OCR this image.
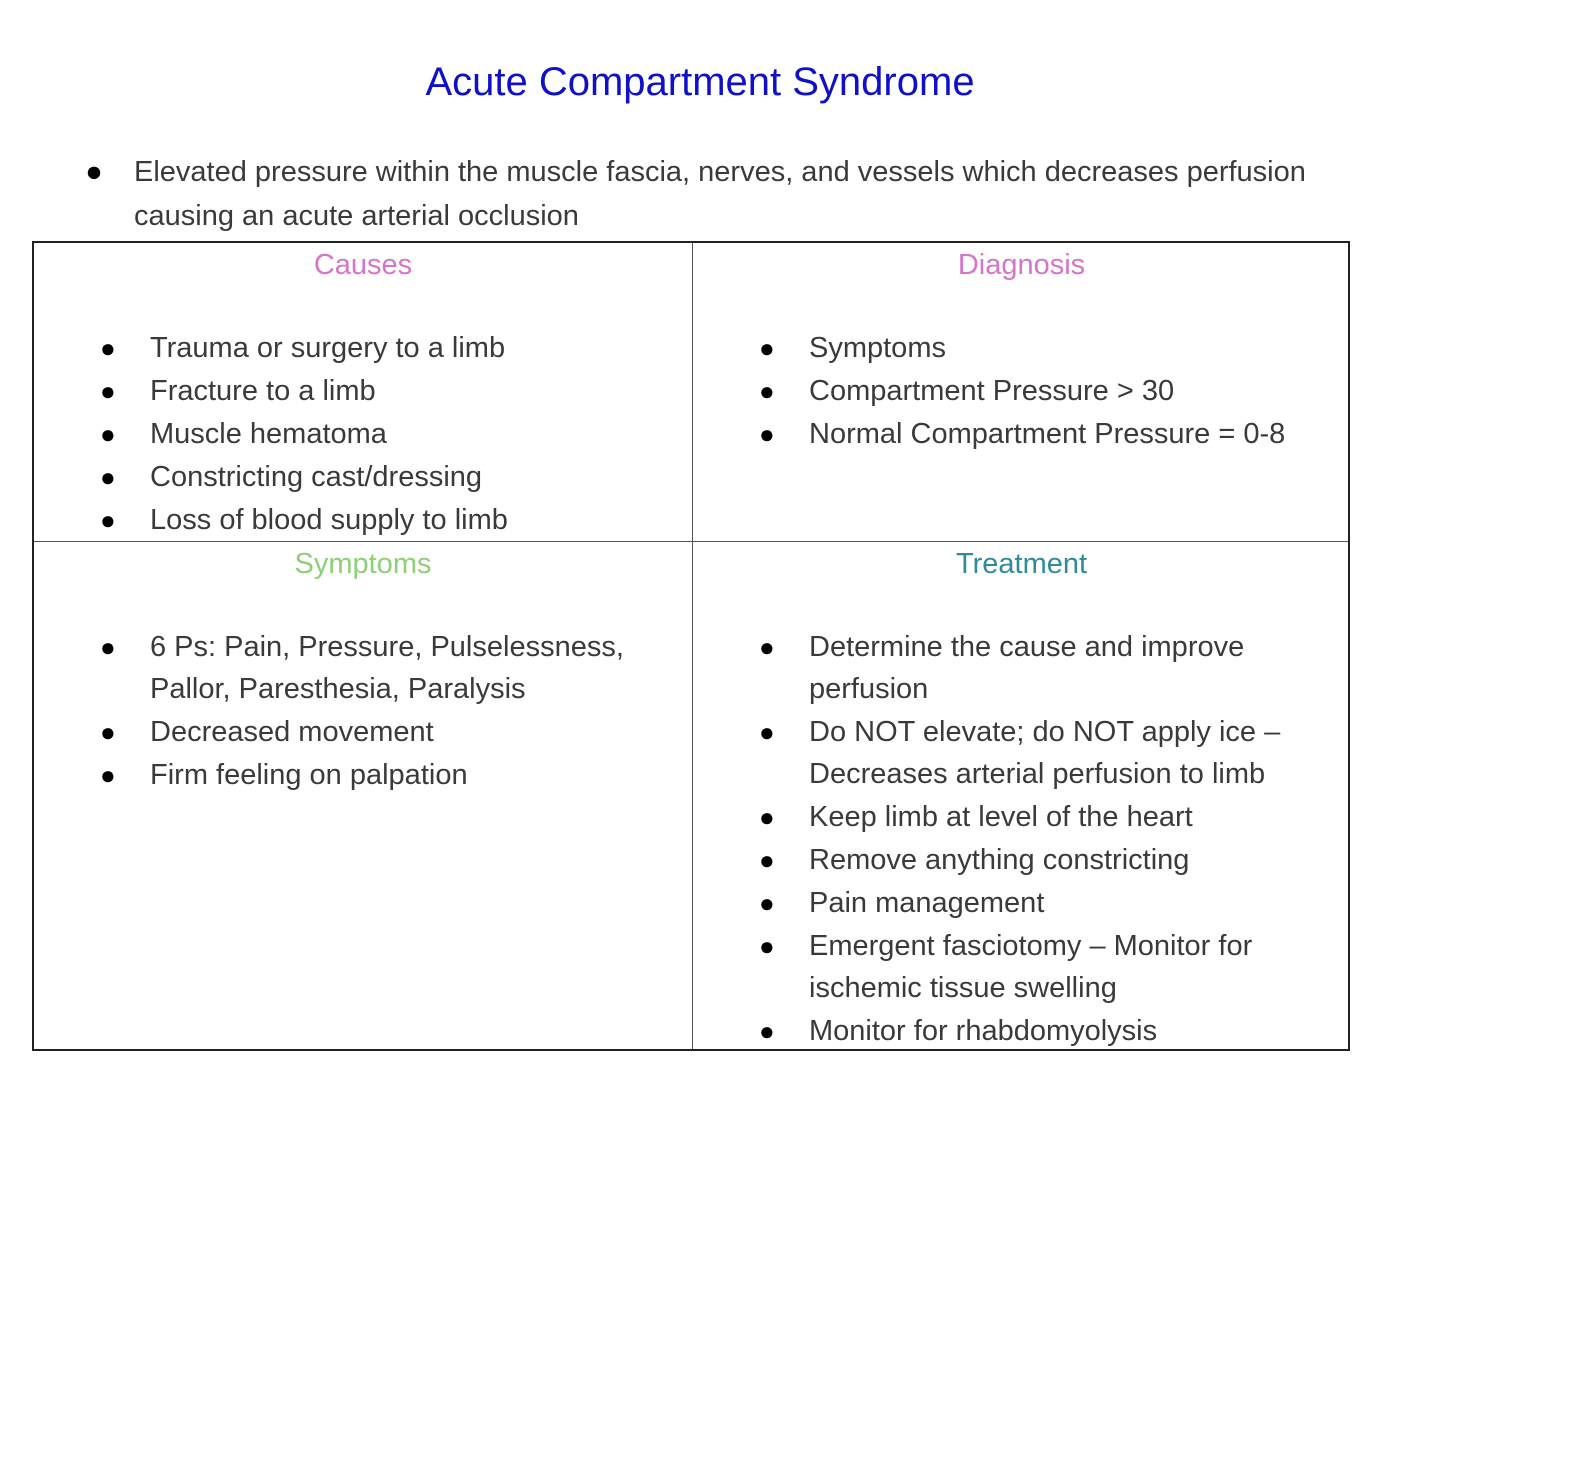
Acute Compartment Syndrome
● Elevated pressure within the muscle fascia, nerves, and vessels which decreases perfusion causing an acute arterial occlusion
Causes
● Trauma or surgery to a limb
● Fracture to a limb
● Muscle hematoma
● Constricting cast/dressing
● Loss of blood supply to limb
Diagnosis
● Symptoms
● Compartment Pressure > 30
● Normal Compartment Pressure = 0-8
Symptoms
● 6 Ps: Pain, Pressure, Pulselessness, Pallor, Paresthesia, Paralysis
● Decreased movement
● Firm feeling on palpation
Treatment
● Determine the cause and improve perfusion
● Do NOT elevate; do NOT apply ice – Decreases arterial perfusion to limb
● Keep limb at level of the heart
● Remove anything constricting
● Pain management
● Emergent fasciotomy – Monitor for ischemic tissue swelling
● Monitor for rhabdomyolysis
